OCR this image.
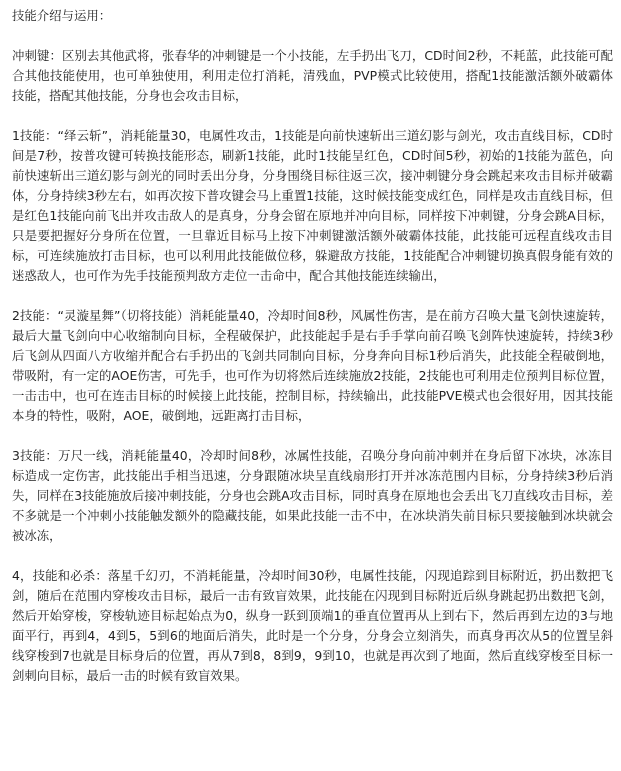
技能介绍与运用：

冲刺键：区别去其他武将，张春华的冲刺键是一个小技能，左手扔出飞刀，CD时间2秒，不耗蓝，此技能可配合其他技能使用，也可单独使用，利用走位打消耗，清残血，PVP模式比较使用，搭配1技能激活额外破霸体技能，搭配其他技能，分身也会攻击目标，

1技能：“绎云斩”，消耗能量30，电属性攻击，1技能是向前快速斩出三道幻影与剑光，攻击直线目标，CD时间是7秒，按普攻键可转换技能形态，刷新1技能，此时1技能呈红色，CD时间5秒，初始的1技能为蓝色，向前快速斩出三道幻影与剑光的同时丢出分身，分身围绕目标往返三次，接冲刺键分身会跳起来攻击目标并破霸体，分身持续3秒左右，如再次按下普攻键会马上重置1技能，这时候技能变成红色，同样是攻击直线目标，但是红色1技能向前飞出并攻击敌人的是真身，分身会留在原地并冲向目标，同样按下冲刺键，分身会跳A目标，只是要把握好分身所在位置，一旦靠近目标马上按下冲刺键激活额外破霸体技能，此技能可远程直线攻击目标，可连续施放打击目标，也可以利用此技能做位移，躲避敌方技能，1技能配合冲刺键切换真假身能有效的迷惑敌人，也可作为先手技能预判敌方走位一击命中，配合其他技能连续输出，

2技能：“灵漩星舞”（切将技能）消耗能量40，冷却时间8秒，风属性伤害，是在前方召唤大量飞剑快速旋转，最后大量飞剑向中心收缩制向目标，全程破保护，此技能起手是右手手掌向前召唤飞剑阵快速旋转，持续3秒后飞剑从四面八方收缩并配合右手扔出的飞剑共同制向目标，分身奔向目标1秒后消失，此技能全程破倒地，带吸附，有一定的AOE伤害，可先手，也可作为切将然后连续施放2技能，2技能也可利用走位预判目标位置，一击击中，也可在连击目标的时候接上此技能，控制目标，持续输出，此技能PVE模式也会很好用，因其技能本身的特性，吸附，AOE，破倒地，远距离打击目标，

3技能：万尺一线，消耗能量40，冷却时间8秒，冰属性技能，召唤分身向前冲刺并在身后留下冰块，冰冻目标造成一定伤害，此技能出手相当迅速，分身跟随冰块呈直线扇形打开并冰冻范围内目标，分身持续3秒后消失，同样在3技能施放后接冲刺技能，分身也会跳A攻击目标，同时真身在原地也会丢出飞刀直线攻击目标，差不多就是一个冲刺小技能触发额外的隐藏技能，如果此技能一击不中，在冰块消失前目标只要接触到冰块就会被冰冻，

4，技能和必杀：落星千幻刃，不消耗能量，冷却时间30秒，电属性技能，闪现追踪到目标附近，扔出数把飞剑，随后在范围内穿梭攻击目标，最后一击有致盲效果，此技能在闪现到目标附近后纵身跳起扔出数把飞剑，然后开始穿梭，穿梭轨迹目标起始点为0，纵身一跃到顶端1的垂直位置再从上到右下，然后再到左边的3与地面平行，再到4，4到5，5到6的地面后消失，此时是一个分身，分身会立刻消失，而真身再次从5的位置呈斜线穿梭到7也就是目标身后的位置，再从7到8，8到9，9到10，也就是再次到了地面，然后直线穿梭至目标一剑刺向目标，最后一击的时候有致盲效果。
